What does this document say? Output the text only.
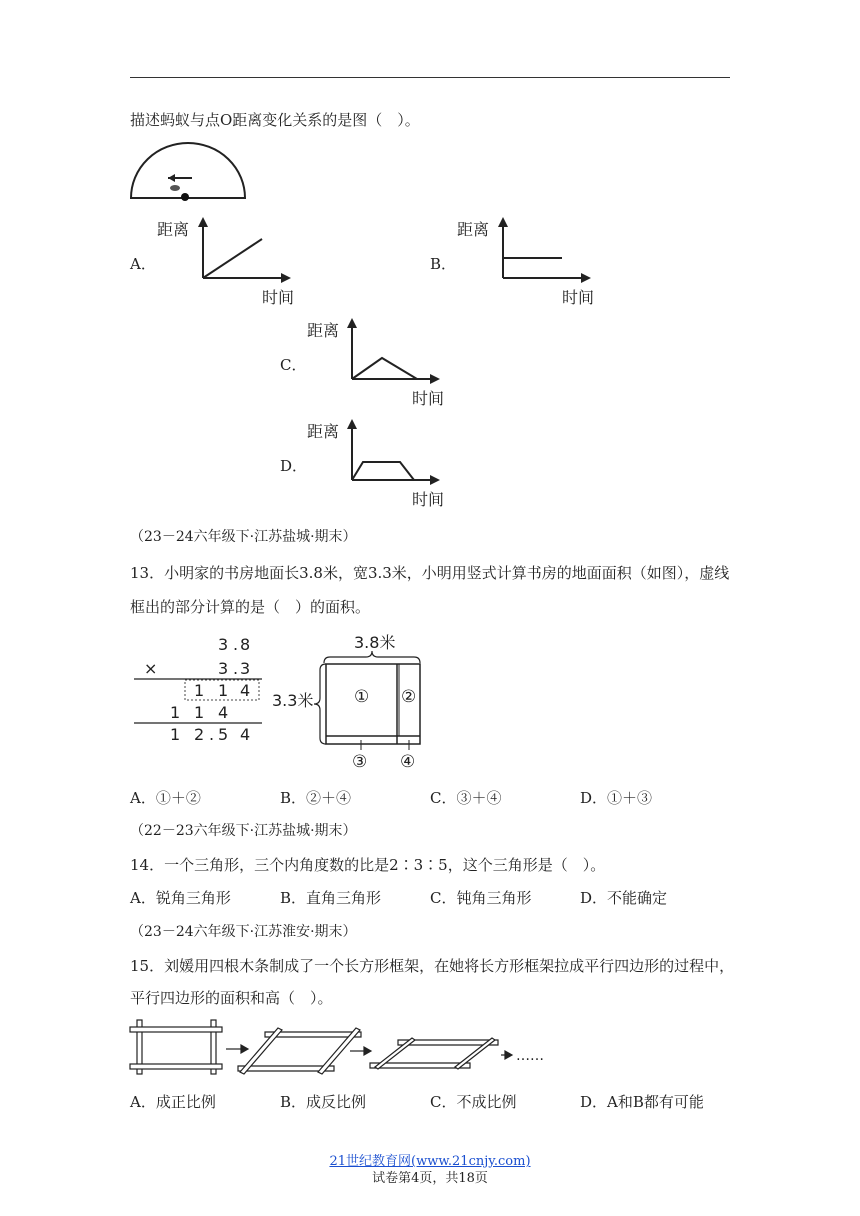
描述蚂蚁与点O距离变化关系的是图（　）。
A．
距离
时间
B．
距离
时间
C．
距离
时间
D．
距离
时间
（23－24六年级下·江苏盐城·期末）
13．小明家的书房地面长3.8米，宽3.3米，小明用竖式计算书房的地面面积（如图），虚线
框出的部分计算的是（　）的面积。
3 . 8
×	3 . 3
1 1 4
1 1 4
1 2 . 5 4
3.8米
3.3米 ① ②
③ ④
A．①＋②	B．②＋④	C．③＋④	D．①＋③
（22－23六年级下·江苏盐城·期末）
14．一个三角形，三个内角度数的比是2∶3∶5，这个三角形是（　）。
A．锐角三角形	B．直角三角形	C．钝角三角形	D．不能确定
（23－24六年级下·江苏淮安·期末）
15．刘媛用四根木条制成了一个长方形框架，在她将长方形框架拉成平行四边形的过程中，
平行四边形的面积和高（　）。
……
A．成正比例	B．成反比例	C．不成比例	D．A和B都有可能
21世纪教育网(www.21cnjy.com)
试卷第4页，共18页
